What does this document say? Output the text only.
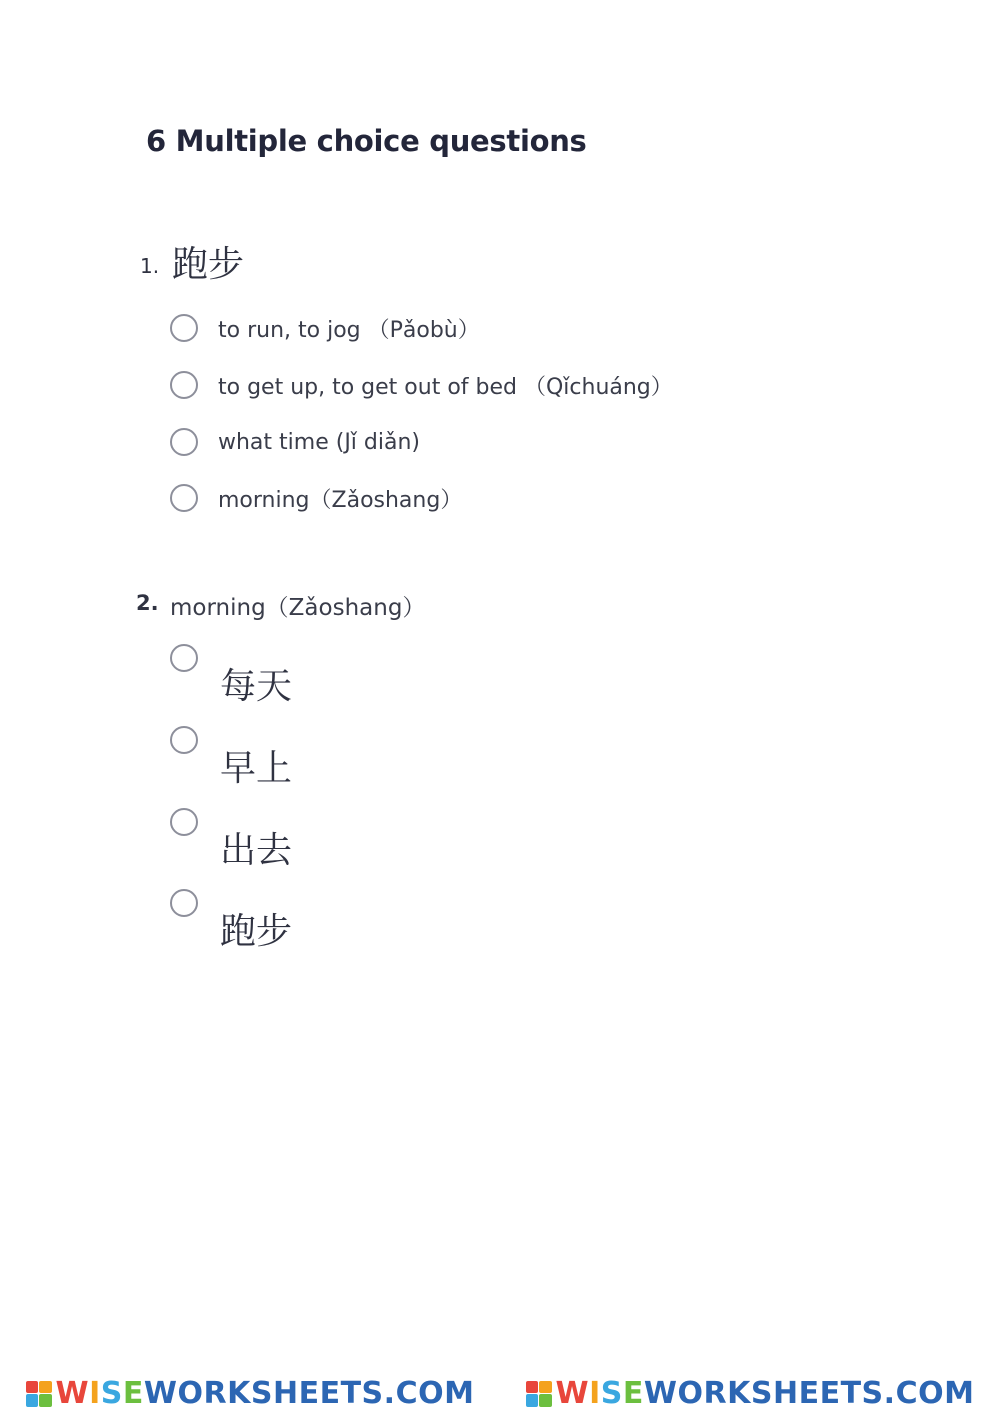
6 Multiple choice questions
1. 跑步
to run, to jog （Pǎobù）
to get up, to get out of bed （Qǐchuáng）
what time (Jǐ diǎn)
morning（Zǎoshang）
2. morning（Zǎoshang）
每天
早上
出去
跑步
WISEWORKSHEETS.COM	WISEWORKSHEETS.COM
